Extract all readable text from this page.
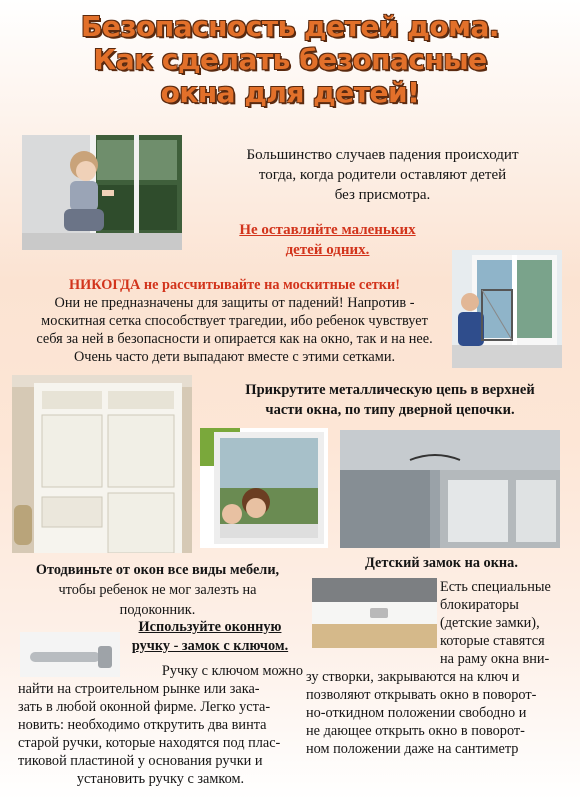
Безопасность детей дома.
Как сделать безопасные
окна для детей!
Большинство случаев падения происходит
тогда, когда родители оставляют детей
без присмотра.
Не оставляйте маленьких
детей одних.
НИКОГДА не рассчитывайте на москитные сетки!
Они не предназначены для защиты от падений! Напротив -
москитная сетка способствует трагедии, ибо ребенок чувствует
себя за ней в безопасности и опирается как на окно, так и на нее.
Очень часто дети выпадают вместе с этими сетками.
Прикрутите металлическую цепь в верхней
части окна, по типу дверной цепочки.
Отодвиньте от окон все виды мебели,
чтобы ребенок не мог залезть на
подоконник.
Детский замок на окна.
Есть специальные
блокираторы
(детские замки),
которые ставятся
на раму окна вни-
зу створки, закрываются на ключ и
позволяют открывать окно в поворот-
но-откидном положении свободно и
не дающее открыть окно в поворот-
ном положении даже на сантиметр
Используйте оконную
ручку - замок с ключом.
Ручку с ключом можно
найти на строительном рынке или зака-
зать в любой оконной фирме. Легко уста-
новить: необходимо открутить два винта
старой ручки, которые находятся под плас-
тиковой пластиной у основания ручки и
установить ручку с замком.
